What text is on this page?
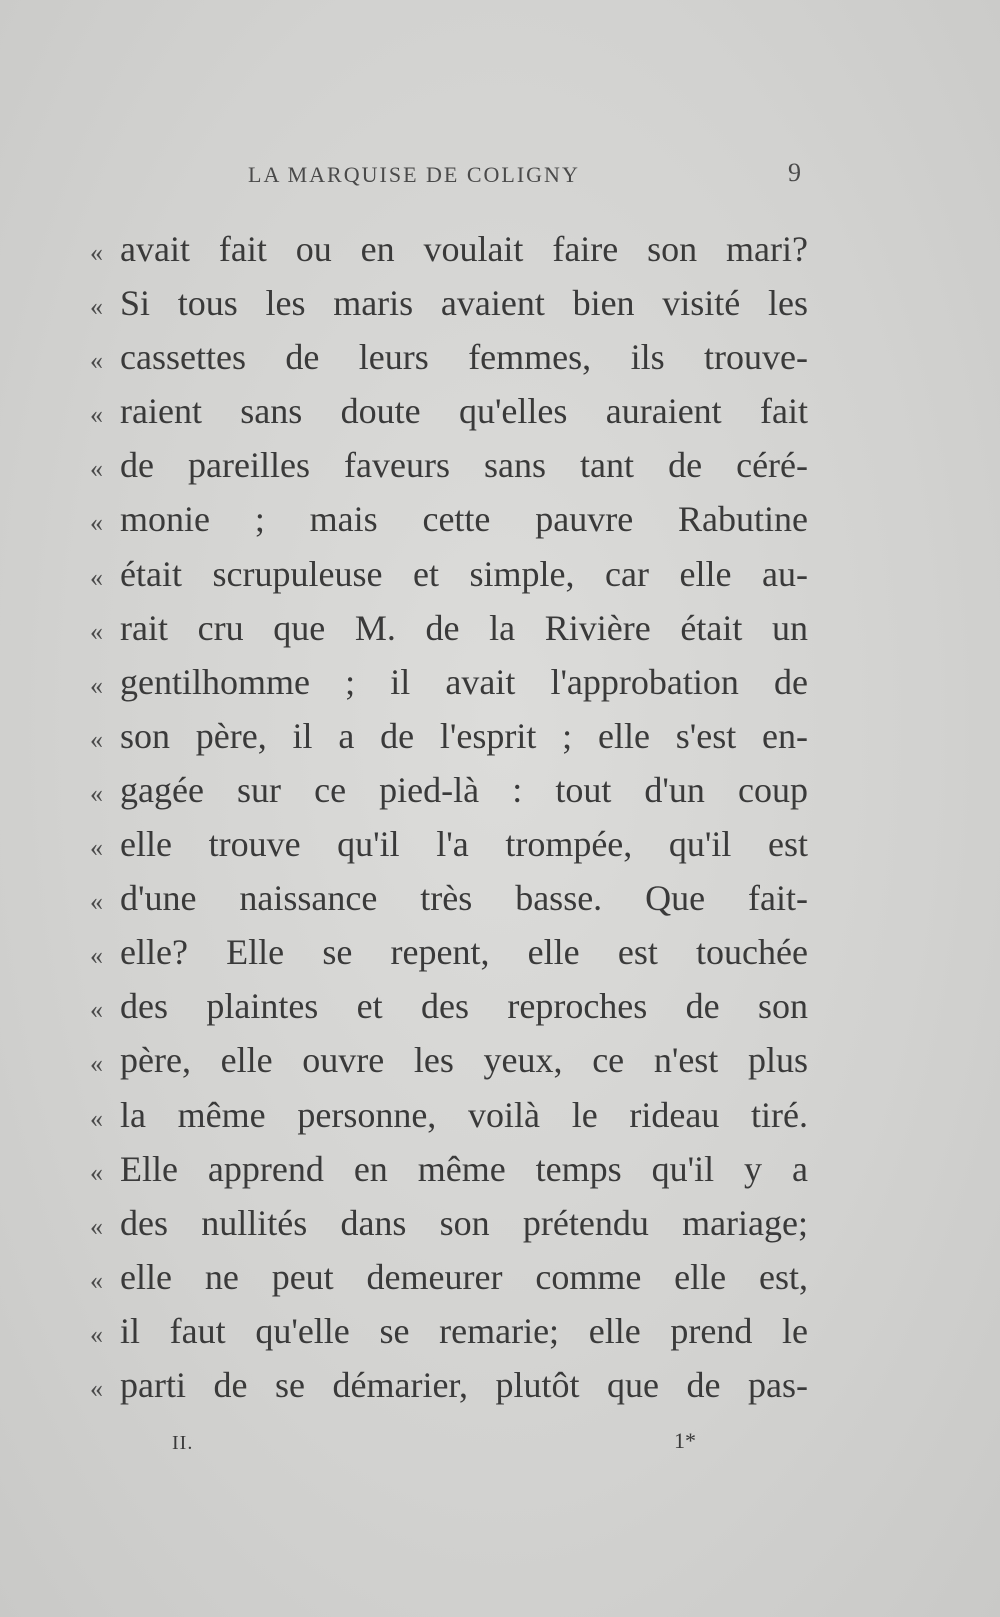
LA MARQUISE DE COLIGNY	9
« avait fait ou en voulait faire son mari?
« Si tous les maris avaient bien visité les
« cassettes de leurs femmes, ils trouve-
« raient sans doute qu'elles auraient fait
« de pareilles faveurs sans tant de céré-
« monie ; mais cette pauvre Rabutine
« était scrupuleuse et simple, car elle au-
« rait cru que M. de la Rivière était un
« gentilhomme ; il avait l'approbation de
« son père, il a de l'esprit ; elle s'est en-
« gagée sur ce pied-là : tout d'un coup
« elle trouve qu'il l'a trompée, qu'il est
« d'une naissance très basse. Que fait-
« elle? Elle se repent, elle est touchée
« des plaintes et des reproches de son
« père, elle ouvre les yeux, ce n'est plus
« la même personne, voilà le rideau tiré.
« Elle apprend en même temps qu'il y a
« des nullités dans son prétendu mariage;
« elle ne peut demeurer comme elle est,
« il faut qu'elle se remarie; elle prend le
« parti de se démarier, plutôt que de pas-
II.	1*
